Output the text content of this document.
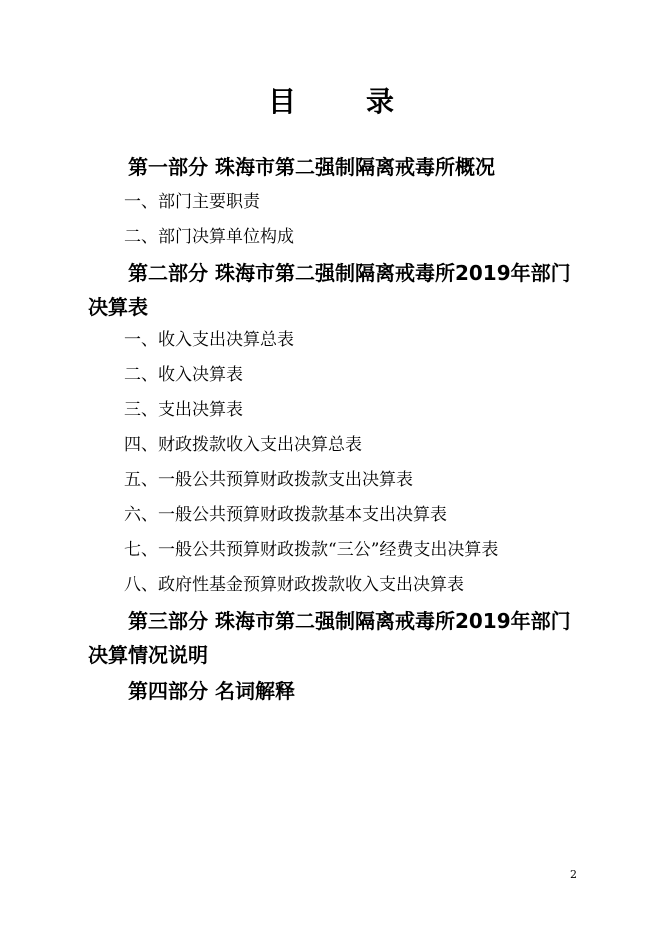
目	录
第一部分 珠海市第二强制隔离戒毒所概况
一、部门主要职责
二、部门决算单位构成
第二部分 珠海市第二强制隔离戒毒所2019年部门决算表
一、收入支出决算总表
二、收入决算表
三、支出决算表
四、财政拨款收入支出决算总表
五、一般公共预算财政拨款支出决算表
六、一般公共预算财政拨款基本支出决算表
七、一般公共预算财政拨款“三公”经费支出决算表
八、政府性基金预算财政拨款收入支出决算表
第三部分 珠海市第二强制隔离戒毒所2019年部门决算情况说明
第四部分 名词解释
2
